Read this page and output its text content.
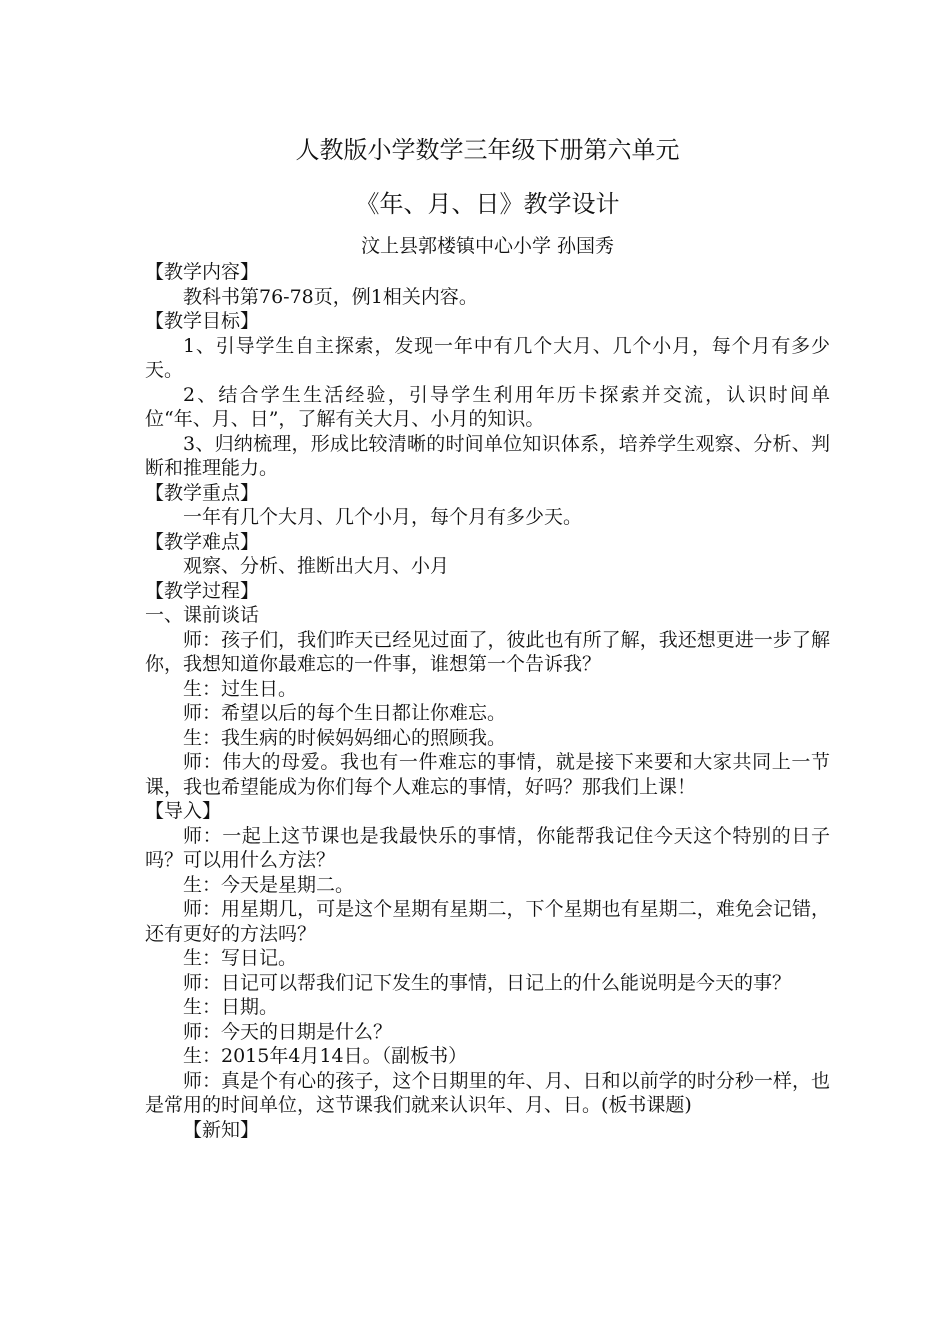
人教版小学数学三年级下册第六单元
《年、月、日》教学设计
汶上县郭楼镇中心小学 孙国秀

【教学内容】

教科书第76-78页，例1相关内容。

【教学目标】

1、引导学生自主探索，发现一年中有几个大月、几个小月，每个月有多少天。

2、结合学生生活经验，引导学生利用年历卡探索并交流，认识时间单位“年、月、日”，了解有关大月、小月的知识。

3、归纳梳理，形成比较清晰的时间单位知识体系，培养学生观察、分析、判断和推理能力。

【教学重点】

一年有几个大月、几个小月，每个月有多少天。

【教学难点】

观察、分析、推断出大月、小月

【教学过程】

一、课前谈话

师：孩子们，我们昨天已经见过面了，彼此也有所了解，我还想更进一步了解你，我想知道你最难忘的一件事，谁想第一个告诉我？

生：过生日。

师：希望以后的每个生日都让你难忘。

生：我生病的时候妈妈细心的照顾我。

师：伟大的母爱。我也有一件难忘的事情，就是接下来要和大家共同上一节课，我也希望能成为你们每个人难忘的事情，好吗？那我们上课！

【导入】

师：一起上这节课也是我最快乐的事情，你能帮我记住今天这个特别的日子吗？可以用什么方法？

生：今天是星期二。

师：用星期几，可是这个星期有星期二，下个星期也有星期二，难免会记错，还有更好的方法吗？

生：写日记。

师：日记可以帮我们记下发生的事情，日记上的什么能说明是今天的事？

生：日期。

师：今天的日期是什么？

生：2015年4月14日。（副板书）

师：真是个有心的孩子，这个日期里的年、月、日和以前学的时分秒一样，也是常用的时间单位，这节课我们就来认识年、月、日。(板书课题)

【新知】
